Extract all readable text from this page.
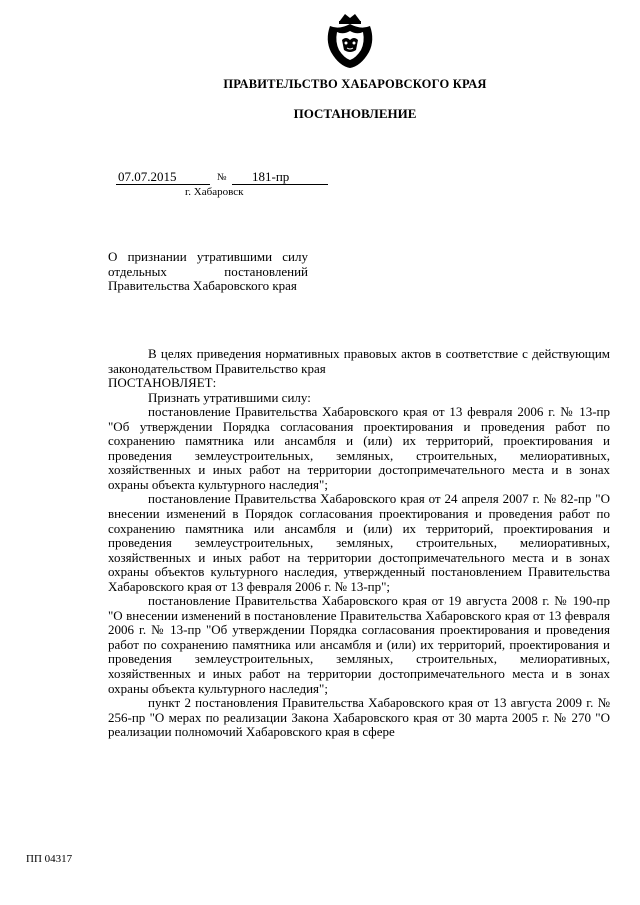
ПРАВИТЕЛЬСТВО ХАБАРОВСКОГО КРАЯ
ПОСТАНОВЛЕНИЕ
07.07.2015	№	181-пр
г. Хабаровск
О признании утратившими силу отдельных постановлений Правительства Хабаровского края

В целях приведения нормативных правовых актов в соответствие с действующим законодательством Правительство края

ПОСТАНОВЛЯЕТ:

Признать утратившими силу:

постановление Правительства Хабаровского края от 13 февраля 2006 г. № 13-пр "Об утверждении Порядка согласования проектирования и проведения работ по сохранению памятника или ансамбля и (или) их территорий, проектирования и проведения землеустроительных, земляных, строительных, мелиоративных, хозяйственных и иных работ на территории достопримечательного места и в зонах охраны объекта культурного наследия";

постановление Правительства Хабаровского края от 24 апреля 2007 г. № 82-пр "О внесении изменений в Порядок согласования проектирования и проведения работ по сохранению памятника или ансамбля и (или) их территорий, проектирования и проведения землеустроительных, земляных, строительных, мелиоративных, хозяйственных и иных работ на территории достопримечательного места и в зонах охраны объектов культурного наследия, утвержденный постановлением Правительства Хабаровского края от 13 февраля 2006 г. № 13-пр";

постановление Правительства Хабаровского края от 19 августа 2008 г. № 190-пр "О внесении изменений в постановление Правительства Хабаровского края от 13 февраля 2006 г. № 13-пр "Об утверждении Порядка согласования проектирования и проведения работ по сохранению памятника или ансамбля и (или) их территорий, проектирования и проведения землеустроительных, земляных, строительных, мелиоративных, хозяйственных и иных работ на территории достопримечательного места и в зонах охраны объекта культурного наследия";

пункт 2 постановления Правительства Хабаровского края от 13 августа 2009 г. № 256-пр "О мерах по реализации Закона Хабаровского края от 30 марта 2005 г. № 270 "О реализации полномочий Хабаровского края в сфере

ПП 04317
